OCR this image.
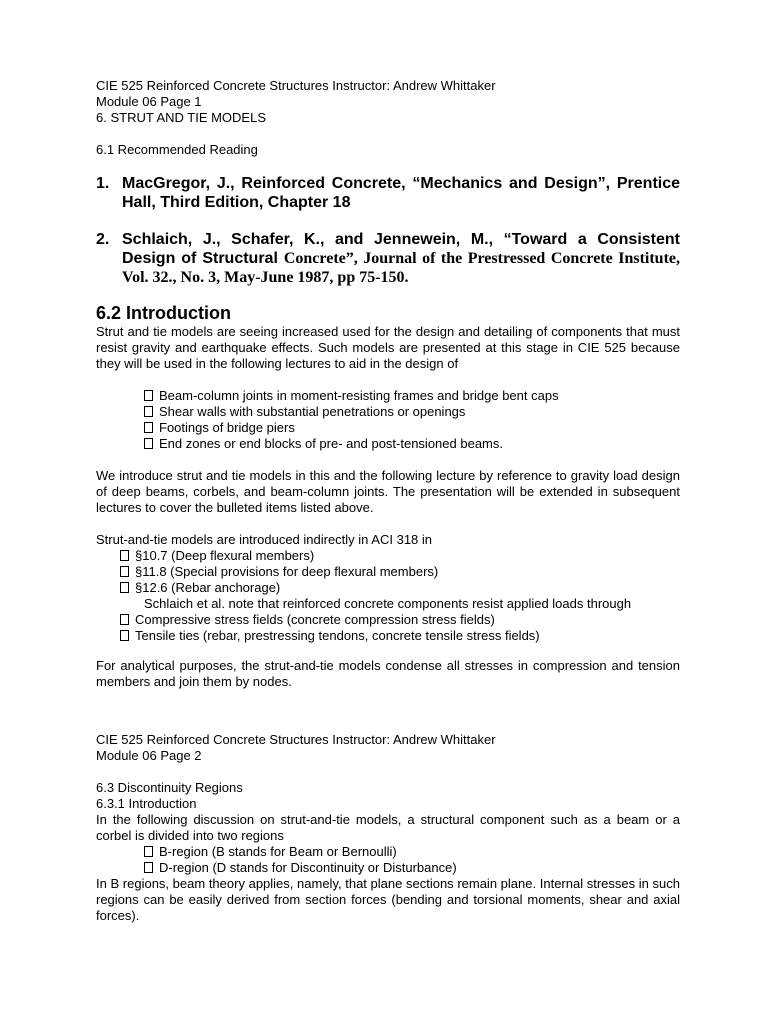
CIE 525 Reinforced Concrete Structures Instructor: Andrew Whittaker

Module 06 Page 1

6. STRUT AND TIE MODELS

6.1 Recommended Reading

1. MacGregor, J., Reinforced Concrete, “Mechanics and Design”, Prentice Hall, Third Edition, Chapter 18

2. Schlaich, J., Schafer, K., and Jennewein, M., “Toward a Consistent Design of Structural Concrete”, Journal of the Prestressed Concrete Institute, Vol. 32., No. 3, May-June 1987, pp 75-150.

6.2 Introduction

Strut and tie models are seeing increased used for the design and detailing of components that must resist gravity and earthquake effects. Such models are presented at this stage in CIE 525 because they will be used in the following lectures to aid in the design of

Beam-column joints in moment-resisting frames and bridge bent caps

Shear walls with substantial penetrations or openings

Footings of bridge piers

End zones or end blocks of pre- and post-tensioned beams.

We introduce strut and tie models in this and the following lecture by reference to gravity load design of deep beams, corbels, and beam-column joints. The presentation will be extended in subsequent lectures to cover the bulleted items listed above.

Strut-and-tie models are introduced indirectly in ACI 318 in

§10.7 (Deep flexural members)

§11.8 (Special provisions for deep flexural members)

§12.6 (Rebar anchorage)

Schlaich et al. note that reinforced concrete components resist applied loads through

Compressive stress fields (concrete compression stress fields)

Tensile ties (rebar, prestressing tendons, concrete tensile stress fields)

For analytical purposes, the strut-and-tie models condense all stresses in compression and tension members and join them by nodes.

CIE 525 Reinforced Concrete Structures Instructor: Andrew Whittaker

Module 06 Page 2

6.3 Discontinuity Regions

6.3.1 Introduction

In the following discussion on strut-and-tie models, a structural component such as a beam or a corbel is divided into two regions

B-region (B stands for Beam or Bernoulli)

D-region (D stands for Discontinuity or Disturbance)

In B regions, beam theory applies, namely, that plane sections remain plane. Internal stresses in such regions can be easily derived from section forces (bending and torsional moments, shear and axial forces).
